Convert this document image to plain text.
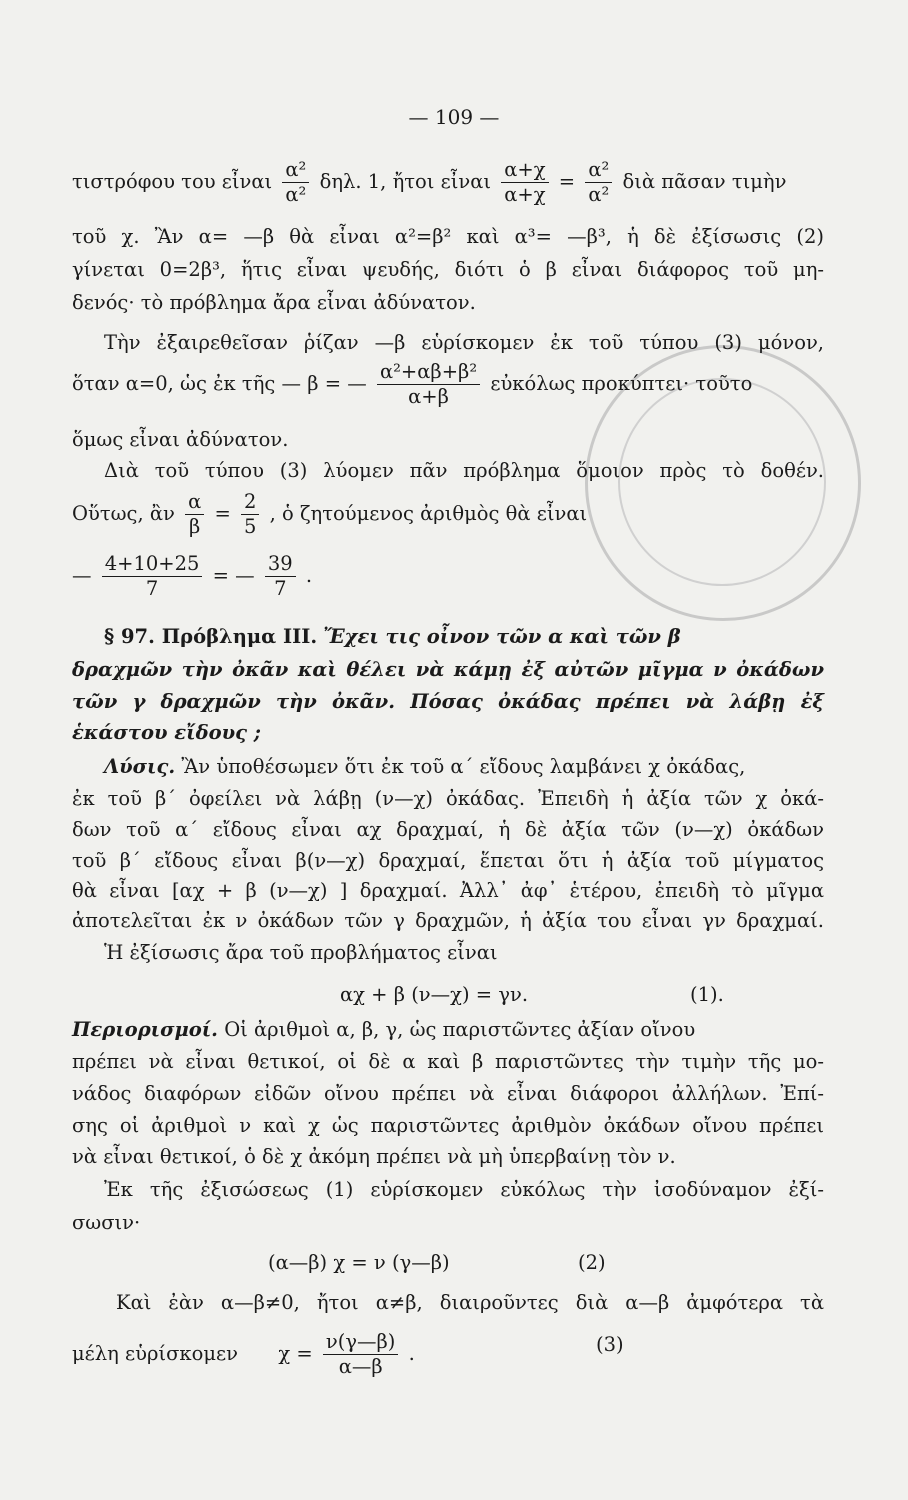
— 109 —
τιστρόφου του εἶναι $\frac{\text{α²}}{\text{α²}} \delta\eta\lambda$. 1, ἤτοι εἶναι $\frac{\alpha+\chi}{\alpha+\chi} = \frac{\text{α²}}{\text{α²}}$ διὰ πᾶσαν τιμὴν
τοῦ χ. Ἂν α= —β θὰ εἶναι α²=β² καὶ α³= —β³, ἡ δὲ ἐξίσωσις (2)
γίνεται 0=2β³, ἥτις εἶναι ψευδής, διότι ὁ β εἶναι διάφορος τοῦ μη-
δενός· τὸ πρόβλημα ἄρα εἶναι ἀδύνατον.
Τὴν ἐξαιρεθεῖσαν ῥίζαν —β εὑρίσκομεν ἐκ τοῦ τύπου (3) μόνον,
ὅταν α=0, ὡς ἐκ τῆς — β = — $\frac{\text{α²+αβ+β²}}{\alpha+\beta}$ εὐκόλως προκύπτει· τοῦτο
ὅμως εἶναι ἀδύνατον.
Διὰ τοῦ τύπου (3) λύομεν πᾶν πρόβλημα ὅμοιον πρὸς τὸ δοθέν.
Οὕτως, ἂν $\frac{\alpha}{\beta} = \frac{2}{5}$ , ὁ ζητούμενος ἀριθμὸς θὰ εἶναι
— $\frac{4+10+25}{7}$ = — $\frac{39}{7}$ .
§ 97. Πρόβλημα III. Ἔχει τις οἶνον τῶν α καὶ τῶν β
δραχμῶν τὴν ὀκᾶν καὶ θέλει νὰ κάμῃ ἐξ αὐτῶν μῖγμα ν ὀκάδων
τῶν γ δραχμῶν τὴν ὀκᾶν. Πόσας ὀκάδας πρέπει νὰ λάβῃ ἐξ
ἑκάστου εἴδους ;
Λύσις. Ἂν ὑποθέσωμεν ὅτι ἐκ τοῦ α΄ εἴδους λαμβάνει χ ὀκάδας,
ἐκ τοῦ β΄ ὀφείλει νὰ λάβῃ (ν—χ) ὀκάδας. Ἐπειδὴ ἡ ἀξία τῶν χ ὀκά-
δων τοῦ α΄ εἴδους εἶναι αχ δραχμαί, ἡ δὲ ἀξία τῶν (ν—χ) ὀκάδων
τοῦ β΄ εἴδους εἶναι β(ν—χ) δραχμαί, ἕπεται ὅτι ἡ ἀξία τοῦ μίγματος
θὰ εἶναι [αχ + β (ν—χ) ] δραχμαί. Ἀλλ᾿ ἀφ᾿ ἑτέρου, ἐπειδὴ τὸ μῖγμα
ἀποτελεῖται ἐκ ν ὀκάδων τῶν γ δραχμῶν, ἡ ἀξία του εἶναι γν δραχμαί.
Ἡ ἐξίσωσις ἄρα τοῦ προβλήματος εἶναι
αχ + β (ν—χ) = γν.	(1).
Περιορισμοί. Οἱ ἀριθμοὶ α, β, γ, ὡς παριστῶντες ἀξίαν οἴνου
πρέπει νὰ εἶναι θετικοί, οἱ δὲ α καὶ β παριστῶντες τὴν τιμὴν τῆς μο-
νάδος διαφόρων εἰδῶν οἴνου πρέπει νὰ εἶναι διάφοροι ἀλλήλων. Ἐπί-
σης οἱ ἀριθμοὶ ν καὶ χ ὡς παριστῶντες ἀριθμὸν ὀκάδων οἴνου πρέπει
νὰ εἶναι θετικοί, ὁ δὲ χ ἀκόμη πρέπει νὰ μὴ ὑπερβαίνῃ τὸν ν.
Ἐκ τῆς ἐξισώσεως (1) εὑρίσκομεν εὐκόλως τὴν ἰσοδύναμον ἐξί-
σωσιν·
(α—β) χ = ν (γ—β)	(2)
Καὶ ἐὰν α—β≠0, ἤτοι α≠β, διαιροῦντες διὰ α—β ἀμφότερα τὰ
μέλη εὑρίσκομεν $\chi = \frac{\nu(\gamma—\beta)}{\alpha—\beta}$ .	(3)
